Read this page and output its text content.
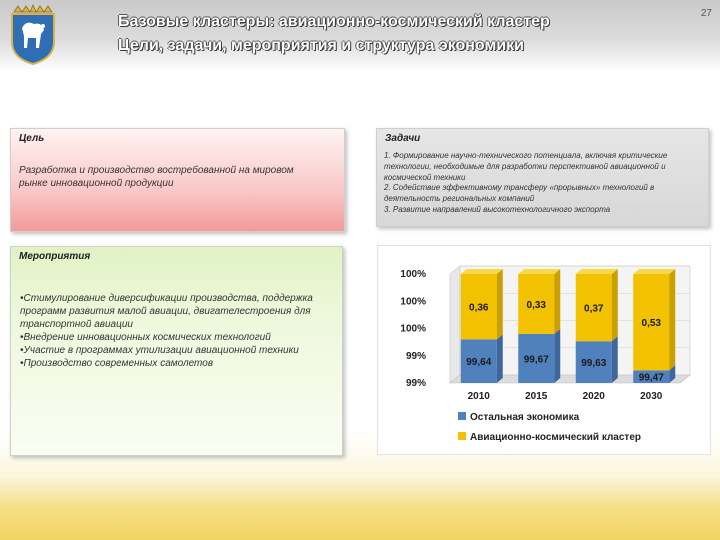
Базовые кластеры: авиационно-космический кластер
Цели, задачи, мероприятия и структура экономики
27
Цель
Разработка и производство востребованной на мировом рынке инновационной продукции
Задачи
1. Формирование научно-технического потенциала, включая критические технологии, необходимые для разработки перспективной авиационной и космической техники
2. Содействие эффективному трансферу «прорывных» технологий в деятельность региональных компаний
3. Развитие направлений высокотехнологичного экспорта
Мероприятия
•Стимулирование диверсификации производства, поддержка программ развития малой авиации, двигателестроения для транспортной авиации
•Внедрение инновационных космических технологий
•Участие в программах утилизации авиационной техники
•Производство современных самолетов
100%
100%
100%
99%
99%
0,36
99,64
2010
0,33
99,67
2015
0,37
99,63
2020
0,53
99,47
2030
Остальная экономика
Авиационно-космический кластер
